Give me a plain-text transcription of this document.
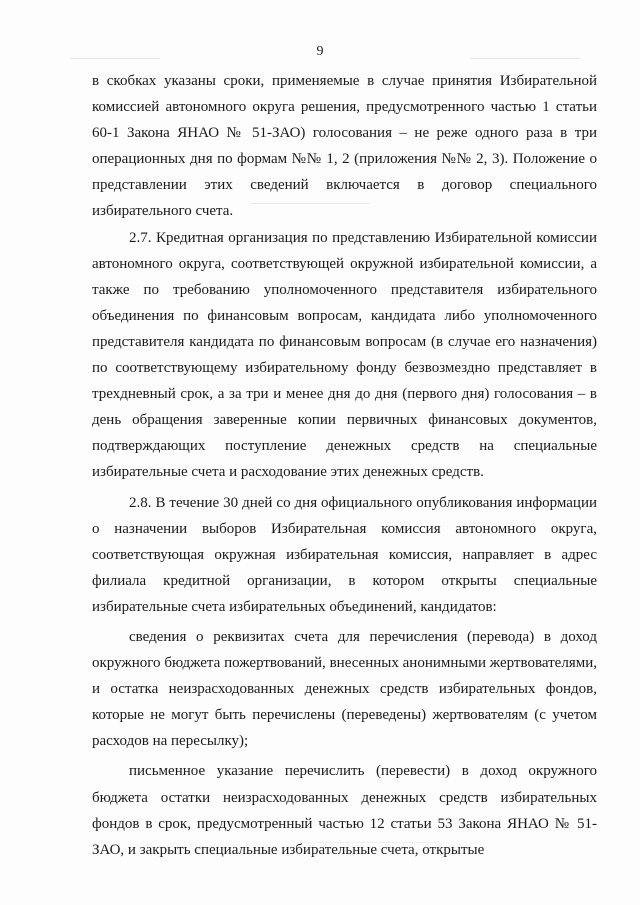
9

в скобках указаны сроки, применяемые в случае принятия Избирательной комиссией автономного округа решения, предусмотренного частью 1 статьи 60-1 Закона ЯНАО № 51-ЗАО) голосования – не реже одного раза в три операционных дня по формам №№ 1, 2 (приложения №№ 2, 3). Положение о представлении этих сведений включается в договор специального избирательного счета.

2.7. Кредитная организация по представлению Избирательной комиссии автономного округа, соответствующей окружной избирательной комиссии, а также по требованию уполномоченного представителя избирательного объединения по финансовым вопросам, кандидата либо уполномоченного представителя кандидата по финансовым вопросам (в случае его назначения) по соответствующему избирательному фонду безвозмездно представляет в трехдневный срок, а за три и менее дня до дня (первого дня) голосования – в день обращения заверенные копии первичных финансовых документов, подтверждающих поступление денежных средств на специальные избирательные счета и расходование этих денежных средств.

2.8. В течение 30 дней со дня официального опубликования информации о назначении выборов Избирательная комиссия автономного округа, соответствующая окружная избирательная комиссия, направляет в адрес филиала кредитной организации, в котором открыты специальные избирательные счета избирательных объединений, кандидатов:

сведения о реквизитах счета для перечисления (перевода) в доход окружного бюджета пожертвований, внесенных анонимными жертвователями, и остатка неизрасходованных денежных средств избирательных фондов, которые не могут быть перечислены (переведены) жертвователям (с учетом расходов на пересылку);

письменное указание перечислить (перевести) в доход окружного бюджета остатки неизрасходованных денежных средств избирательных фондов в срок, предусмотренный частью 12 статьи 53 Закона ЯНАО № 51-ЗАО, и закрыть специальные избирательные счета, открытые
